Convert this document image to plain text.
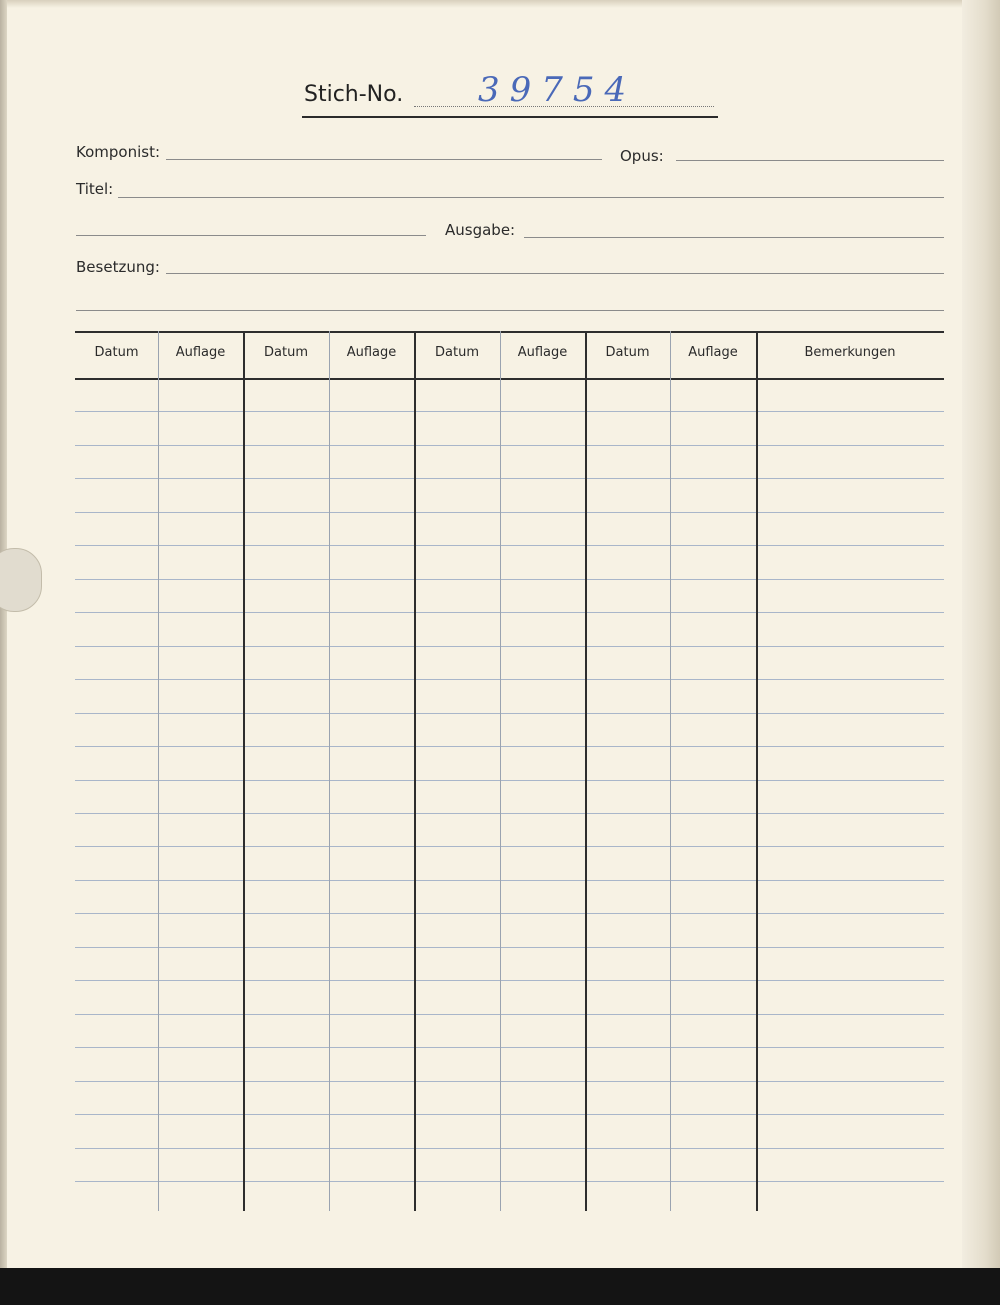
Stich-No. 39754
Komponist:	Opus:
Titel:
Ausgabe:
Besetzung:
Datum	Auflage	Datum	Auflage	Datum	Auflage	Datum	Auflage	Bemerkungen
